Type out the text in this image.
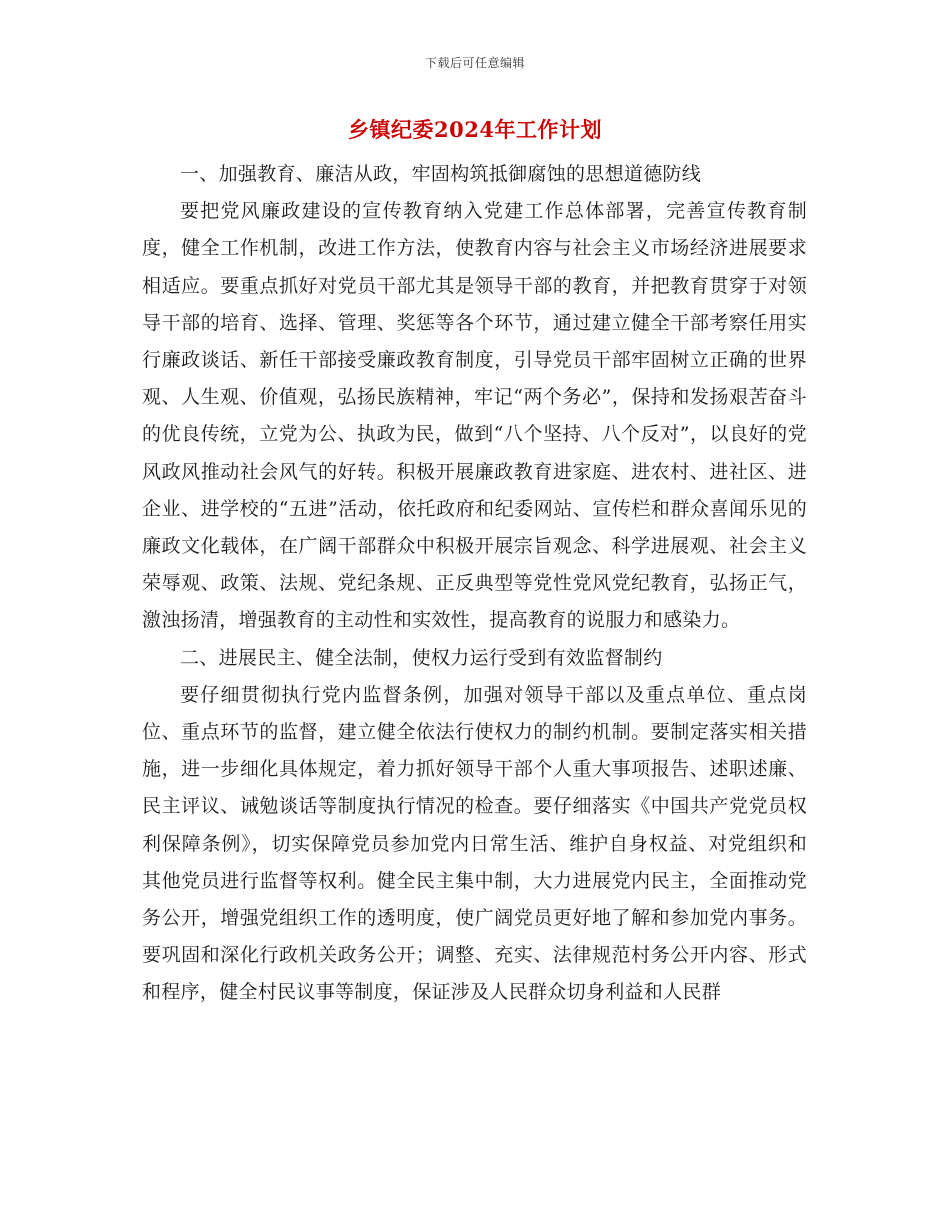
下载后可任意编辑
乡镇纪委2024年工作计划

一、加强教育、廉洁从政，牢固构筑抵御腐蚀的思想道德防线

要把党风廉政建设的宣传教育纳入党建工作总体部署，完善宣传教育制度，健全工作机制，改进工作方法，使教育内容与社会主义市场经济进展要求相适应。要重点抓好对党员干部尤其是领导干部的教育，并把教育贯穿于对领导干部的培育、选择、管理、奖惩等各个环节，通过建立健全干部考察任用实行廉政谈话、新任干部接受廉政教育制度，引导党员干部牢固树立正确的世界观、人生观、价值观，弘扬民族精神，牢记“两个务必”，保持和发扬艰苦奋斗的优良传统，立党为公、执政为民，做到“八个坚持、八个反对”，以良好的党风政风推动社会风气的好转。积极开展廉政教育进家庭、进农村、进社区、进企业、进学校的“五进”活动，依托政府和纪委网站、宣传栏和群众喜闻乐见的廉政文化载体，在广阔干部群众中积极开展宗旨观念、科学进展观、社会主义荣辱观、政策、法规、党纪条规、正反典型等党性党风党纪教育，弘扬正气，激浊扬清，增强教育的主动性和实效性，提高教育的说服力和感染力。

二、进展民主、健全法制，使权力运行受到有效监督制约

要仔细贯彻执行党内监督条例，加强对领导干部以及重点单位、重点岗位、重点环节的监督，建立健全依法行使权力的制约机制。要制定落实相关措施，进一步细化具体规定，着力抓好领导干部个人重大事项报告、述职述廉、民主评议、诫勉谈话等制度执行情况的检查。要仔细落实《中国共产党党员权利保障条例》，切实保障党员参加党内日常生活、维护自身权益、对党组织和其他党员进行监督等权利。健全民主集中制，大力进展党内民主，全面推动党务公开，增强党组织工作的透明度，使广阔党员更好地了解和参加党内事务。要巩固和深化行政机关政务公开；调整、充实、法律规范村务公开内容、形式和程序，健全村民议事等制度，保证涉及人民群众切身利益和人民群
